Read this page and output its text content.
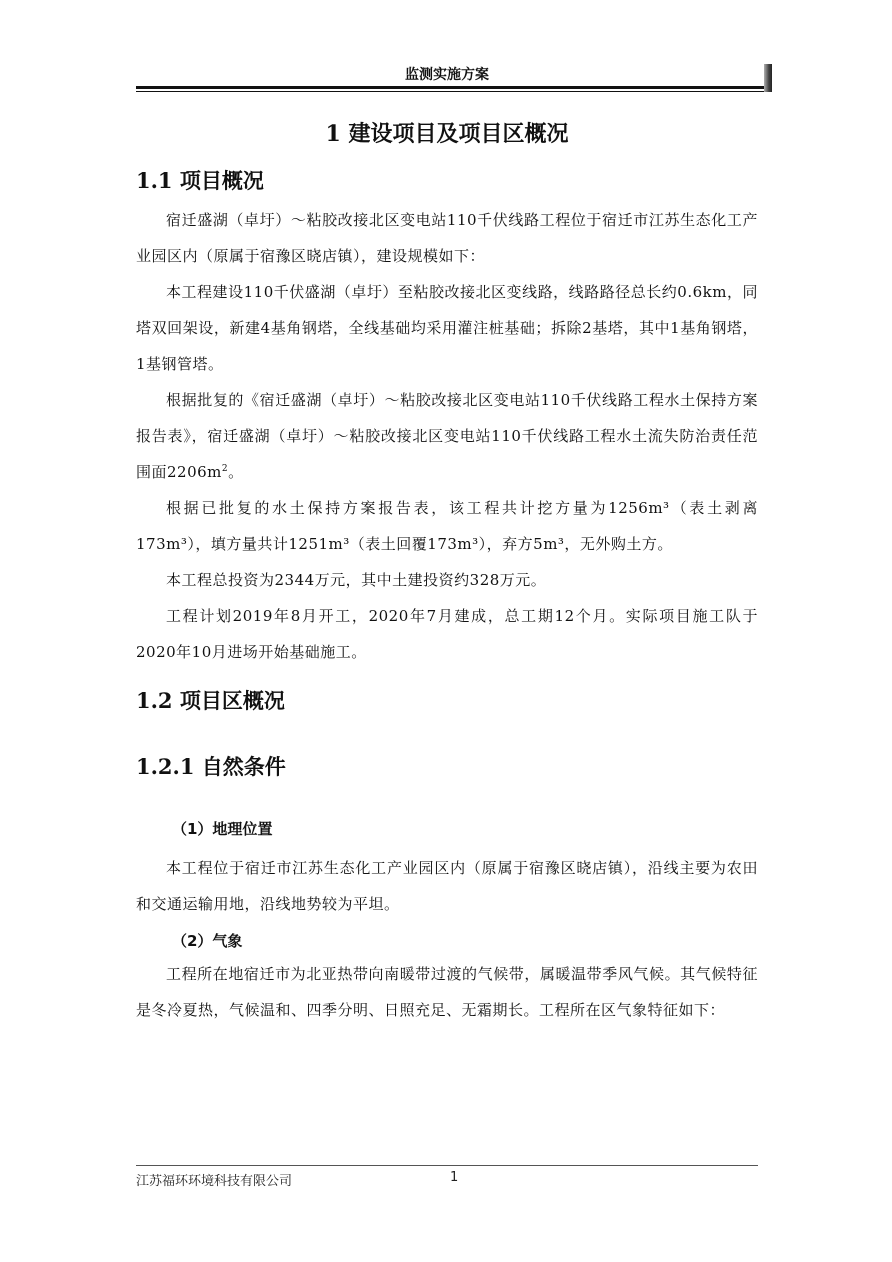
监测实施方案
1 建设项目及项目区概况
1.1 项目概况

宿迁盛湖（卓圩）～粘胶改接北区变电站110千伏线路工程位于宿迁市江苏生态化工产业园区内（原属于宿豫区晓店镇），建设规模如下：

本工程建设110千伏盛湖（卓圩）至粘胶改接北区变线路，线路路径总长约0.6km，同塔双回架设，新建4基角钢塔，全线基础均采用灌注桩基础；拆除2基塔，其中1基角钢塔，1基钢管塔。

根据批复的《宿迁盛湖（卓圩）～粘胶改接北区变电站110千伏线路工程水土保持方案报告表》，宿迁盛湖（卓圩）～粘胶改接北区变电站110千伏线路工程水土流失防治责任范围面$2206m^2$。

根据已批复的水土保持方案报告表，该工程共计挖方量为1256m³（表土剥离173m³），填方量共计1251m³（表土回覆173m³），弃方5m³，无外购土方。

本工程总投资为2344万元，其中土建投资约328万元。

工程计划2019年8月开工，2020年7月建成，总工期12个月。实际项目施工队于2020年10月进场开始基础施工。

1.2 项目区概况
1.2.1 自然条件
（1）地理位置

本工程位于宿迁市江苏生态化工产业园区内（原属于宿豫区晓店镇），沿线主要为农田和交通运输用地，沿线地势较为平坦。

（2）气象

工程所在地宿迁市为北亚热带向南暖带过渡的气候带，属暖温带季风气候。其气候特征是冬冷夏热，气候温和、四季分明、日照充足、无霜期长。工程所在区气象特征如下：

江苏福环环境科技有限公司	1
